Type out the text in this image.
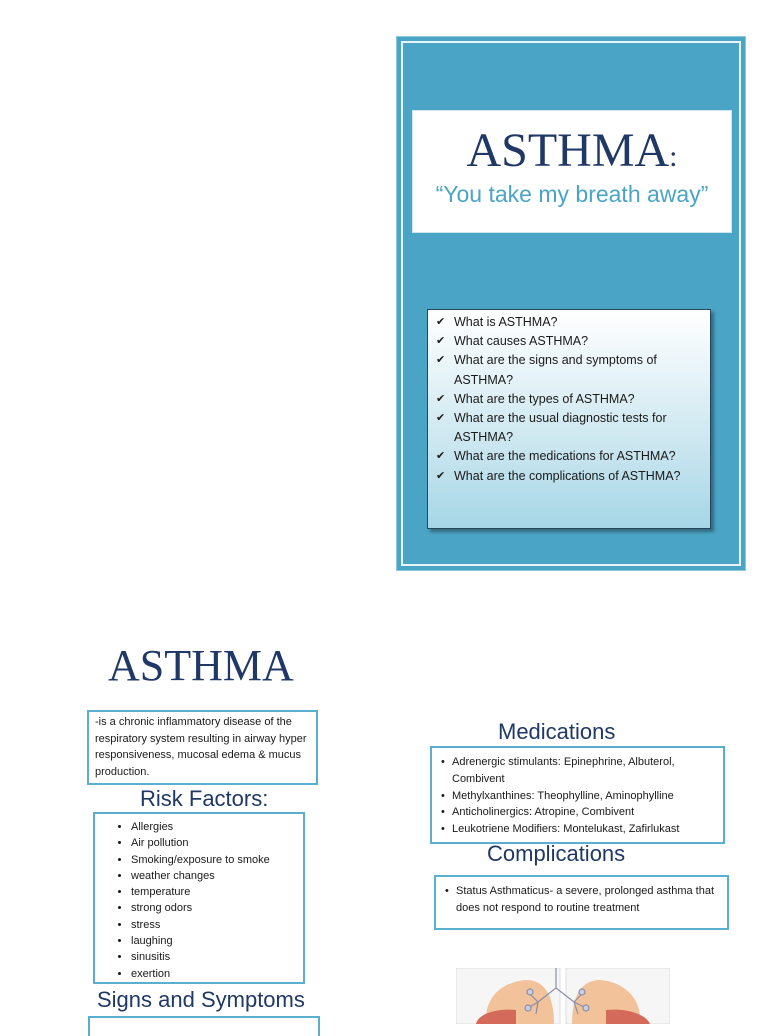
ASTHMA:
“You take my breath away”
✔ What is ASTHMA?
✔ What causes ASTHMA?
✔ What are the signs and symptoms of ASTHMA?
✔ What are the types of ASTHMA?
✔ What are the usual diagnostic tests for ASTHMA?
✔ What are the medications for ASTHMA?
✔ What are the complications of ASTHMA?
ASTHMA
-is a chronic inflammatory disease of the respiratory system resulting in airway hyper responsiveness, mucosal edema & mucus production.
Risk Factors:
• Allergies
• Air pollution
• Smoking/exposure to smoke
• weather changes
• temperature
• strong odors
• stress
• laughing
• sinusitis
• exertion
Signs and Symptoms
Medications
• Adrenergic stimulants: Epinephrine, Albuterol, Combivent
• Methylxanthines: Theophylline, Aminophylline
• Anticholinergics: Atropine, Combivent
• Leukotriene Modifiers: Montelukast, Zafirlukast
Complications
• Status Asthmaticus- a severe, prolonged asthma that does not respond to routine treatment
